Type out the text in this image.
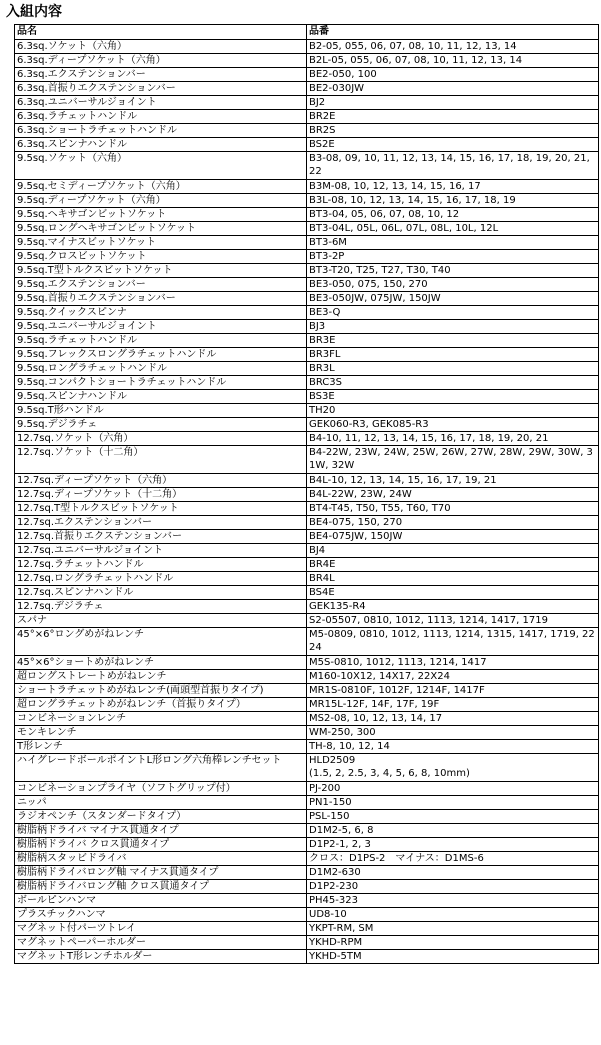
入組内容
品名	品番
6.3sq.ソケット（六角）	B2-05, 055, 06, 07, 08, 10, 11, 12, 13, 14
6.3sq.ディープソケット（六角）	B2L-05, 055, 06, 07, 08, 10, 11, 12, 13, 14
6.3sq.エクステンションバー	BE2-050, 100
6.3sq.首振りエクステンションバー	BE2-030JW
6.3sq.ユニバーサルジョイント	BJ2
6.3sq.ラチェットハンドル	BR2E
6.3sq.ショートラチェットハンドル	BR2S
6.3sq.スピンナハンドル	BS2E
9.5sq.ソケット（六角）	B3-08, 09, 10, 11, 12, 13, 14, 15, 16, 17, 18, 19, 20, 21, 22
9.5sq.セミディープソケット（六角）	B3M-08, 10, 12, 13, 14, 15, 16, 17
9.5sq.ディープソケット（六角）	B3L-08, 10, 12, 13, 14, 15, 16, 17, 18, 19
9.5sq.ヘキサゴンビットソケット	BT3-04, 05, 06, 07, 08, 10, 12
9.5sq.ロングヘキサゴンビットソケット	BT3-04L, 05L, 06L, 07L, 08L, 10L, 12L
9.5sq.マイナスビットソケット	BT3-6M
9.5sq.クロスビットソケット	BT3-2P
9.5sq.T型トルクスビットソケット	BT3-T20, T25, T27, T30, T40
9.5sq.エクステンションバー	BE3-050, 075, 150, 270
9.5sq.首振りエクステンションバー	BE3-050JW, 075JW, 150JW
9.5sq.クイックスピンナ	BE3-Q
9.5sq.ユニバーサルジョイント	BJ3
9.5sq.ラチェットハンドル	BR3E
9.5sq.フレックスロングラチェットハンドル	BR3FL
9.5sq.ロングラチェットハンドル	BR3L
9.5sq.コンパクトショートラチェットハンドル	BRC3S
9.5sq.スピンナハンドル	BS3E
9.5sq.T形ハンドル	TH20
9.5sq.デジラチェ	GEK060-R3, GEK085-R3
12.7sq.ソケット（六角）	B4-10, 11, 12, 13, 14, 15, 16, 17, 18, 19, 20, 21
12.7sq.ソケット（十二角）	B4-22W, 23W, 24W, 25W, 26W, 27W, 28W, 29W, 30W, 31W, 32W
12.7sq.ディープソケット（六角）	B4L-10, 12, 13, 14, 15, 16, 17, 19, 21
12.7sq.ディープソケット（十二角）	B4L-22W, 23W, 24W
12.7sq.T型トルクスビットソケット	BT4-T45, T50, T55, T60, T70
12.7sq.エクステンションバー	BE4-075, 150, 270
12.7sq.首振りエクステンションバー	BE4-075JW, 150JW
12.7sq.ユニバーサルジョイント	BJ4
12.7sq.ラチェットハンドル	BR4E
12.7sq.ロングラチェットハンドル	BR4L
12.7sq.スピンナハンドル	BS4E
12.7sq.デジラチェ	GEK135-R4
スパナ	S2-05507, 0810, 1012, 1113, 1214, 1417, 1719
45°×6°ロングめがねレンチ	M5-0809, 0810, 1012, 1113, 1214, 1315, 1417, 1719, 2224
45°×6°ショートめがねレンチ	M5S-0810, 1012, 1113, 1214, 1417
超ロングストレートめがねレンチ	M160-10X12, 14X17, 22X24
ショートラチェットめがねレンチ(両頭型首振りタイプ)	MR1S-0810F, 1012F, 1214F, 1417F
超ロングラチェットめがねレンチ（首振りタイプ）	MR15L-12F, 14F, 17F, 19F
コンビネーションレンチ	MS2-08, 10, 12, 13, 14, 17
モンキレンチ	WM-250, 300
T形レンチ	TH-8, 10, 12, 14
ハイグレードボールポイントL形ロング六角棒レンチセット	HLD2509
(1.5, 2, 2.5, 3, 4, 5, 6, 8, 10mm)

コンビネーションプライヤ（ソフトグリップ付）	PJ-200
ニッパ	PN1-150
ラジオペンチ（スタンダードタイプ）	PSL-150
樹脂柄ドライバ マイナス貫通タイプ	D1M2-5, 6, 8
樹脂柄ドライバ クロス貫通タイプ	D1P2-1, 2, 3
樹脂柄スタッビドライバ	クロス：D1PS-2　マイナス：D1MS-6
樹脂柄ドライバロング軸 マイナス貫通タイプ	D1M2-630
樹脂柄ドライバロング軸 クロス貫通タイプ	D1P2-230
ボールピンハンマ	PH45-323
プラスチックハンマ	UD8-10
マグネット付パーツトレイ	YKPT-RM, SM
マグネットペーパーホルダー	YKHD-RPM
マグネットT形レンチホルダー	YKHD-5TM
